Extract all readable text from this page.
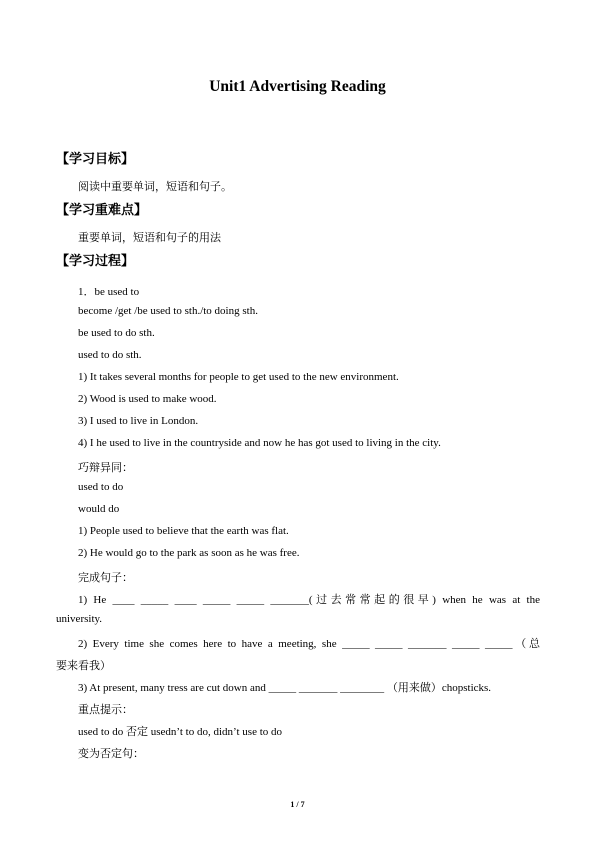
Unit1 Advertising Reading
【学习目标】
阅读中重要单词，短语和句子。
【学习重难点】
重要单词，短语和句子的用法
【学习过程】
1．be used to
become /get /be used to sth./to doing sth.
be used to do sth.
used to do sth.
1) It takes several months for people to get used to the new environment.
2) Wood is used to make wood.
3) I used to live in London.
4) I he used to live in the countryside and now he has got used to living in the city.
巧辩异同：
used to do
would do
1) People used to believe that the earth was flat.
2) He would go to the park as soon as he was free.
完成句子：
1) He ____ _____ ____ _____ _____ _______(过去常常起的很早) when he was at the
university.
2) Every time she comes here to have a meeting, she _____ _____ _______ _____ _____（总
要来看我）
3) At present, many tress are cut down and _____ _______ ________ （用来做）chopsticks.
重点提示：
used to do 否定 usedn’t to do, didn’t use to do
变为否定句：
1 / 7
